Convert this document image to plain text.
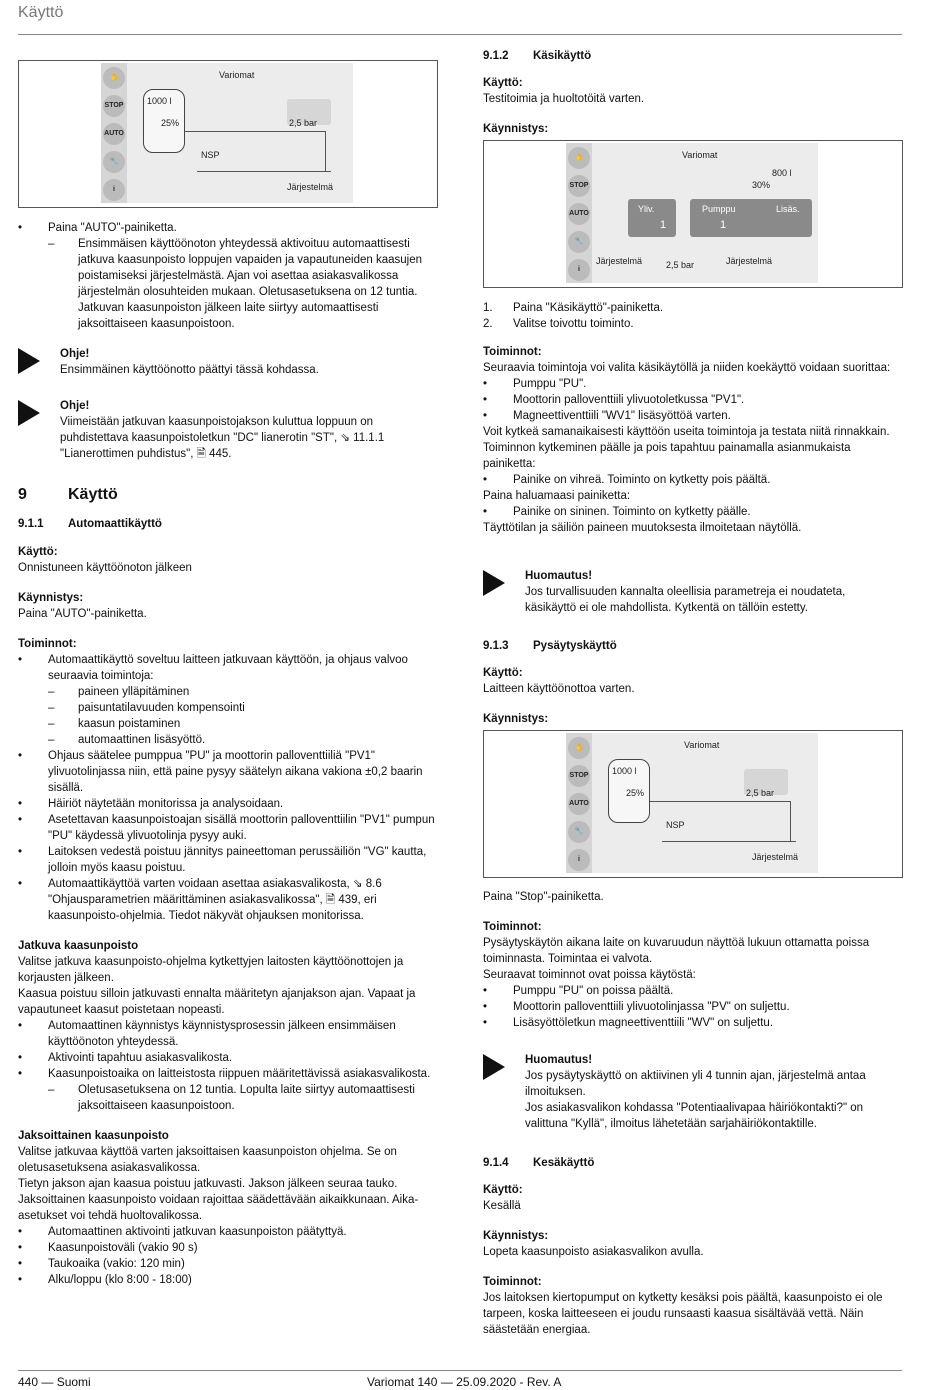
Käyttö
✋
STOP
AUTO
🔧
i
Variomat
1000 l
25%
NSP
2,5 bar
Järjestelmä
• Paina "AUTO"-painiketta.
– Ensimmäisen käyttöönoton yhteydessä aktivoituu automaattisesti jatkuva kaasunpoisto loppujen vapaiden ja vapautuneiden kaasujen poistamiseksi järjestelmästä. Ajan voi asettaa asiakasvalikossa järjestelmän olosuhteiden mukaan. Oletusasetuksena on 12 tuntia. Jatkuvan kaasunpoiston jälkeen laite siirtyy automaattisesti jaksoittaiseen kaasunpoistoon.

Ohje!

Ensimmäinen käyttöönotto päättyi tässä kohdassa.

Ohje!

Viimeistään jatkuvan kaasunpoistojakson kuluttua loppuun on puhdistettava kaasunpoistoletkun "DC" lianerotin "ST", ⇘ 11.1.1 "Lianerottimen puhdistus", 🗎 445.

9	Käyttö

9.1.1 Automaattikäyttö

Käyttö:

Onnistuneen käyttöönoton jälkeen

Käynnistys:

Paina "AUTO"-painiketta.

Toiminnot:

• Automaattikäyttö soveltuu laitteen jatkuvaan käyttöön, ja ohjaus valvoo seuraavia toimintoja:
– paineen ylläpitäminen
– paisuntatilavuuden kompensointi
– kaasun poistaminen
– automaattinen lisäsyöttö.
• Ohjaus säätelee pumppua "PU" ja moottorin palloventtiiliä "PV1" ylivuotolinjassa niin, että paine pysyy säätelyn aikana vakiona ±0,2 baarin sisällä.
• Häiriöt näytetään monitorissa ja analysoidaan.
• Asetettavan kaasunpoistoajan sisällä moottorin palloventtiilin "PV1" pumpun "PU" käydessä ylivuotolinja pysyy auki.
• Laitoksen vedestä poistuu jännitys paineettoman perussäiliön "VG" kautta, jolloin myös kaasu poistuu.
• Automaattikäyttöä varten voidaan asettaa asiakasvalikosta, ⇘ 8.6 "Ohjausparametrien määrittäminen asiakasvalikossa", 🗎 439, eri kaasunpoisto-ohjelmia. Tiedot näkyvät ohjauksen monitorissa.

Jatkuva kaasunpoisto

Valitse jatkuva kaasunpoisto-ohjelma kytkettyjen laitosten käyttöönottojen ja korjausten jälkeen.

Kaasua poistuu silloin jatkuvasti ennalta määritetyn ajanjakson ajan. Vapaat ja vapautuneet kaasut poistetaan nopeasti.

• Automaattinen käynnistys käynnistysprosessin jälkeen ensimmäisen käyttöönoton yhteydessä.
• Aktivointi tapahtuu asiakasvalikosta.
• Kaasunpoistoaika on laitteistosta riippuen määritettävissä asiakasvalikosta.
– Oletusasetuksena on 12 tuntia. Lopulta laite siirtyy automaattisesti jaksoittaiseen kaasunpoistoon.

Jaksoittainen kaasunpoisto

Valitse jatkuvaa käyttöä varten jaksoittaisen kaasunpoiston ohjelma. Se on oletusasetuksena asiakasvalikossa.

Tietyn jakson ajan kaasua poistuu jatkuvasti. Jakson jälkeen seuraa tauko. Jaksoittainen kaasunpoisto voidaan rajoittaa säädettävään aikaikkunaan. Aika-asetukset voi tehdä huoltovalikossa.

• Automaattinen aktivointi jatkuvan kaasunpoiston päätyttyä.
• Kaasunpoistoväli (vakio 90 s)
• Taukoaika (vakio: 120 min)
• Alku/loppu (klo 8:00 - 18:00)

9.1.2 Käsikäyttö

Käyttö:

Testitoimia ja huoltotöitä varten.

Käynnistys:

✋
STOP
AUTO
🔧
i
Variomat
800 l
30%
Yliv.
1
Pumppu
1
Lisäs.
Järjestelmä	2,5 bar	Järjestelmä

1. Paina "Käsikäyttö"-painiketta.

2. Valitse toivottu toiminto.

Toiminnot:

Seuraavia toimintoja voi valita käsikäytöllä ja niiden koekäyttö voidaan suorittaa:

• Pumppu "PU".
• Moottorin palloventtiili ylivuotoletkussa "PV1".
• Magneettiventtiili "WV1" lisäsyöttöä varten.

Voit kytkeä samanaikaisesti käyttöön useita toimintoja ja testata niitä rinnakkain. Toiminnon kytkeminen päälle ja pois tapahtuu painamalla asianmukaista painiketta:

• Painike on vihreä. Toiminto on kytketty pois päältä.

Paina haluamaasi painiketta:

• Painike on sininen. Toiminto on kytketty päälle.

Täyttötilan ja säiliön paineen muutoksesta ilmoitetaan näytöllä.

Huomautus!

Jos turvallisuuden kannalta oleellisia parametreja ei noudateta, käsikäyttö ei ole mahdollista. Kytkentä on tällöin estetty.

9.1.3 Pysäytyskäyttö

Käyttö:

Laitteen käyttöönottoa varten.

Käynnistys:

✋
STOP
AUTO
🔧
i
Variomat
1000 l
25%
NSP
2,5 bar
Järjestelmä

Paina "Stop"-painiketta.

Toiminnot:

Pysäytyskäytön aikana laite on kuvaruudun näyttöä lukuun ottamatta poissa toiminnasta. Toimintaa ei valvota.

Seuraavat toiminnot ovat poissa käytöstä:

• Pumppu "PU" on poissa päältä.
• Moottorin palloventtiili ylivuotolinjassa "PV" on suljettu.
• Lisäsyöttöletkun magneettiventtiili "WV" on suljettu.

Huomautus!

Jos pysäytyskäyttö on aktiivinen yli 4 tunnin ajan, järjestelmä antaa ilmoituksen.

Jos asiakasvalikon kohdassa "Potentiaalivapaa häiriökontakti?" on valittuna "Kyllä", ilmoitus lähetetään sarjahäiriökontaktille.

9.1.4 Kesäkäyttö

Käyttö:

Kesällä

Käynnistys:

Lopeta kaasunpoisto asiakasvalikon avulla.

Toiminnot:

Jos laitoksen kiertopumput on kytketty kesäksi pois päältä, kaasunpoisto ei ole tarpeen, koska laitteeseen ei joudu runsaasti kaasua sisältävää vettä. Näin säästetään energiaa.

440 — Suomi	Variomat 140 — 25.09.2020 - Rev. A
